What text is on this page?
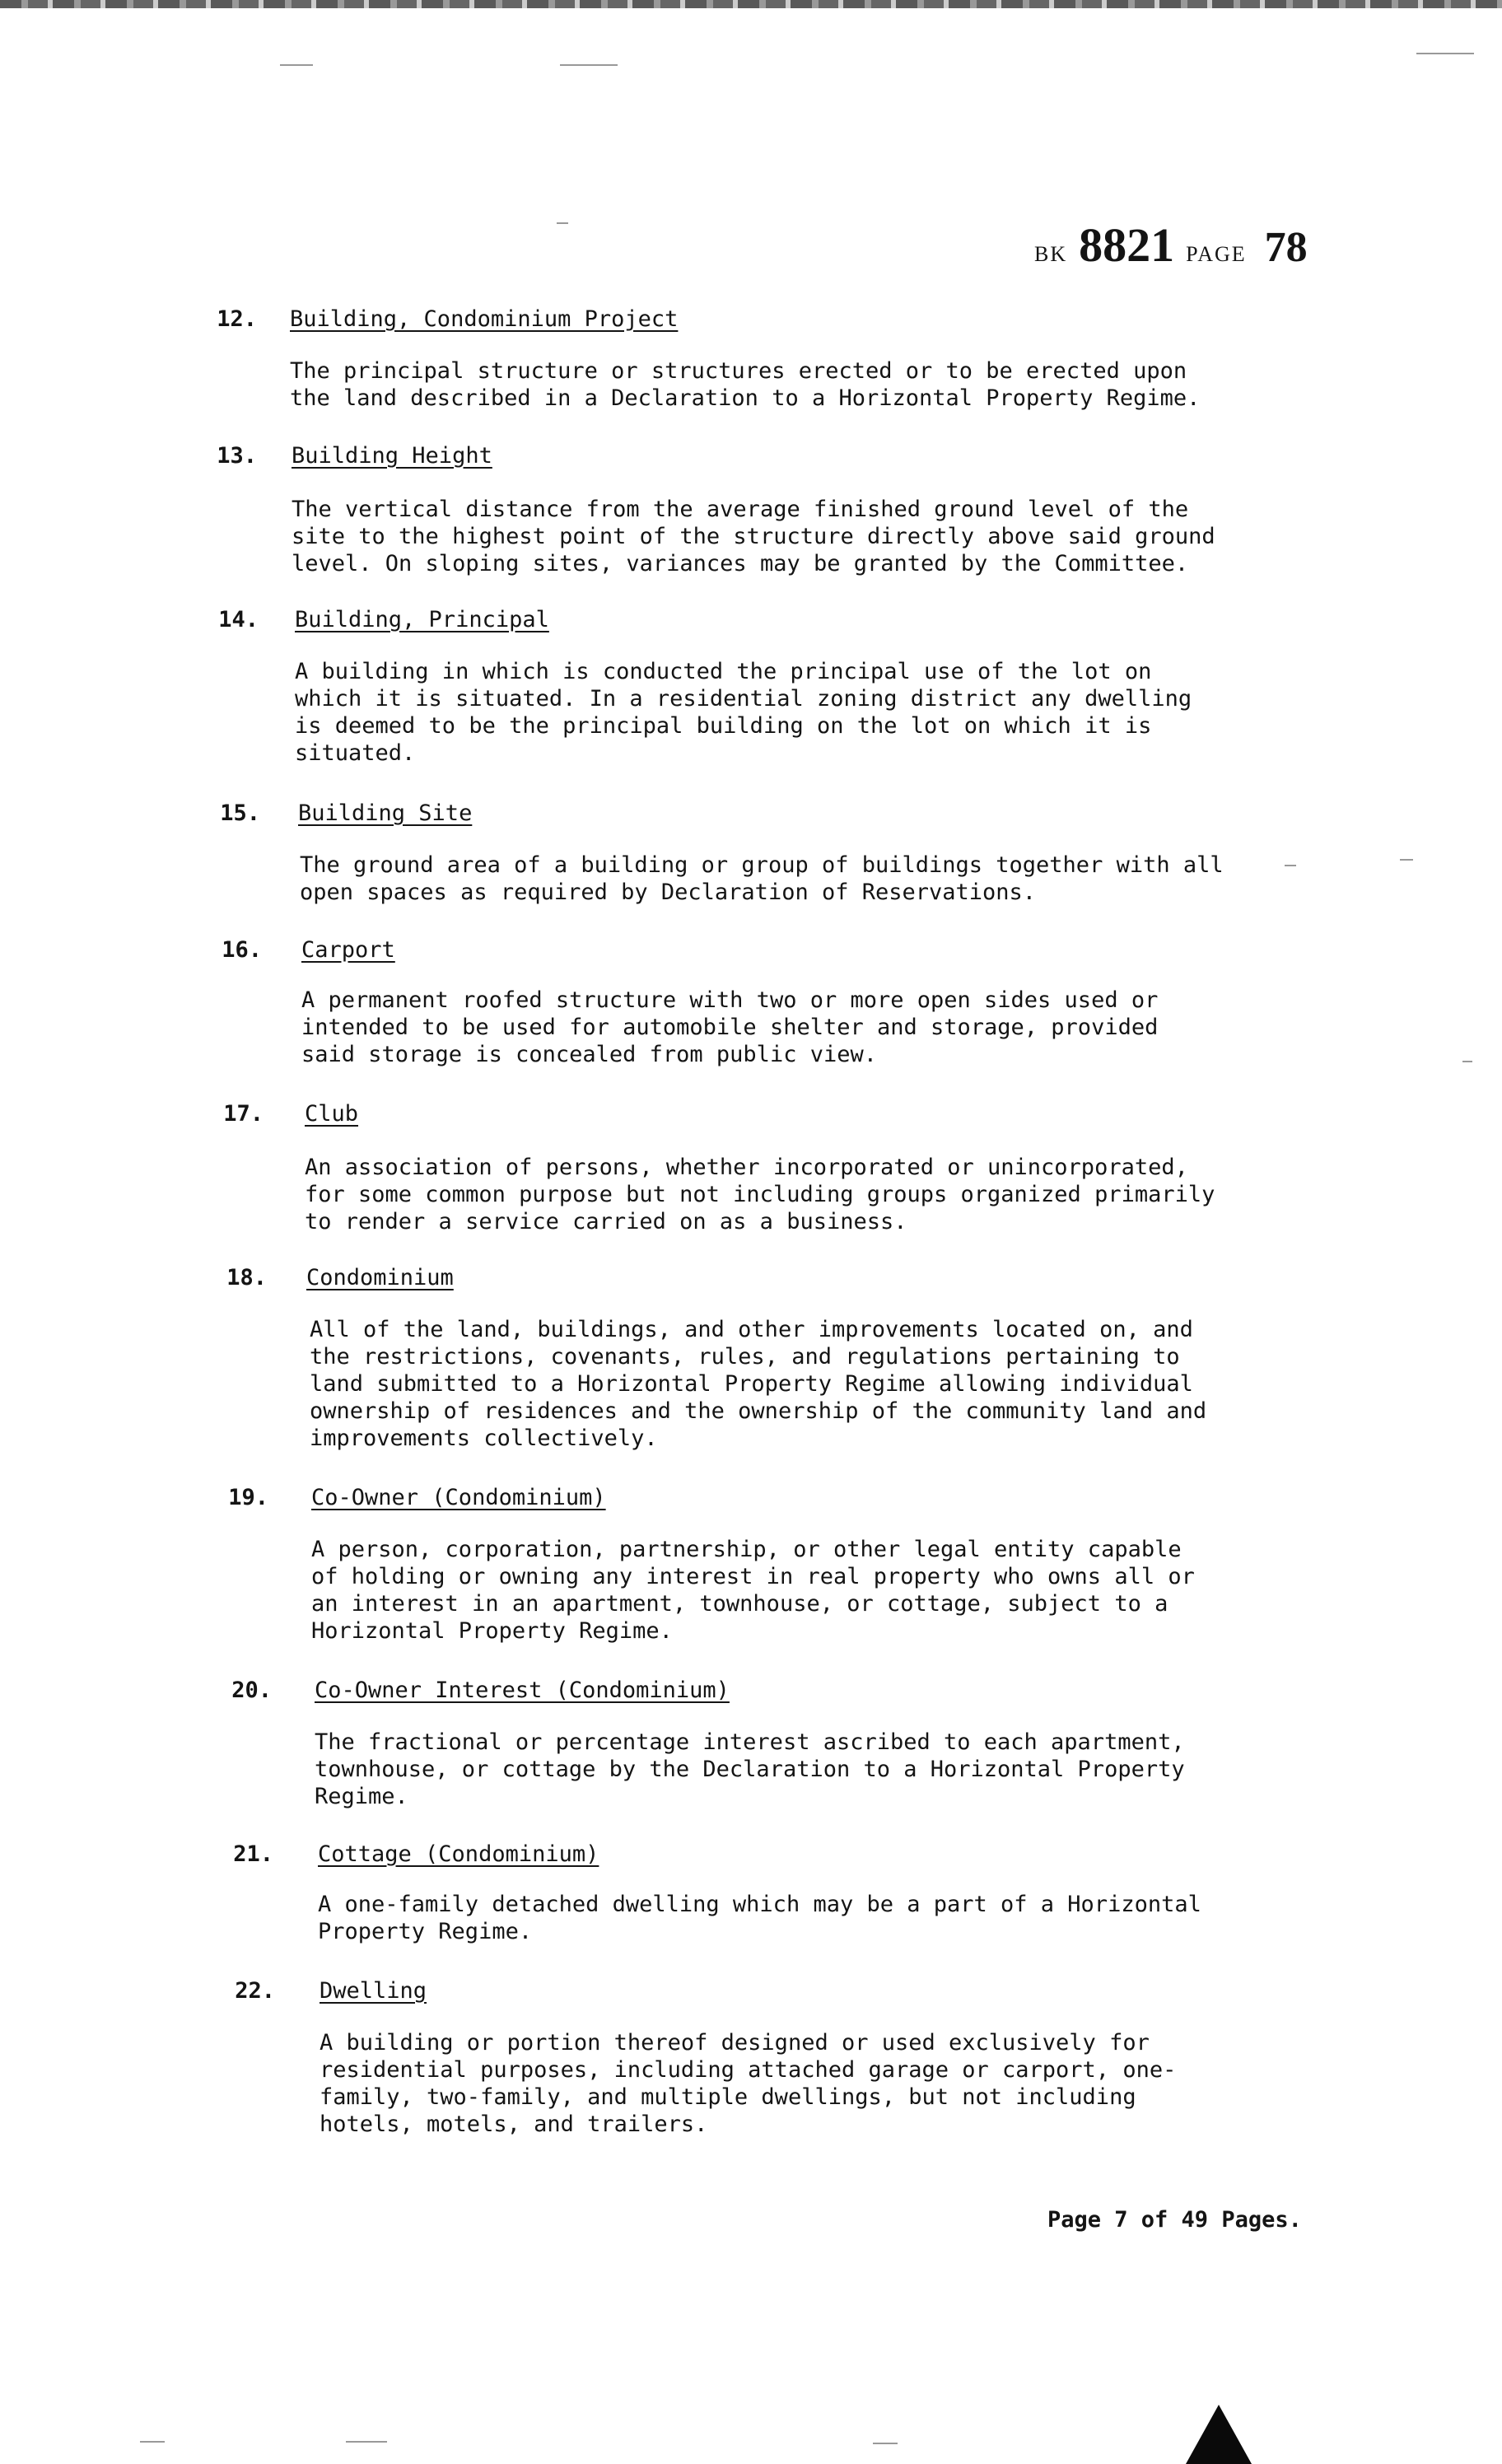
BK 8821 PAGE 78
12. Building, Condominium Project
The principal structure or structures erected or to be erected upon
the land described in a Declaration to a Horizontal Property Regime.
13. Building Height
The vertical distance from the average finished ground level of the
site to the highest point of the structure directly above said ground
level. On sloping sites, variances may be granted by the Committee.
14. Building, Principal
A building in which is conducted the principal use of the lot on
which it is situated. In a residential zoning district any dwelling
is deemed to be the principal building on the lot on which it is
situated.
15. Building Site
The ground area of a building or group of buildings together with all
open spaces as required by Declaration of Reservations.
16. Carport
A permanent roofed structure with two or more open sides used or
intended to be used for automobile shelter and storage, provided
said storage is concealed from public view.
17. Club
An association of persons, whether incorporated or unincorporated,
for some common purpose but not including groups organized primarily
to render a service carried on as a business.
18. Condominium
All of the land, buildings, and other improvements located on, and
the restrictions, covenants, rules, and regulations pertaining to
land submitted to a Horizontal Property Regime allowing individual
ownership of residences and the ownership of the community land and
improvements collectively.
19. Co-Owner (Condominium)
A person, corporation, partnership, or other legal entity capable
of holding or owning any interest in real property who owns all or
an interest in an apartment, townhouse, or cottage, subject to a
Horizontal Property Regime.
20. Co-Owner Interest (Condominium)
The fractional or percentage interest ascribed to each apartment,
townhouse, or cottage by the Declaration to a Horizontal Property
Regime.
21. Cottage (Condominium)
A one-family detached dwelling which may be a part of a Horizontal
Property Regime.
22. Dwelling
A building or portion thereof designed or used exclusively for
residential purposes, including attached garage or carport, one-
family, two-family, and multiple dwellings, but not including
hotels, motels, and trailers.
Page 7 of 49 Pages.
